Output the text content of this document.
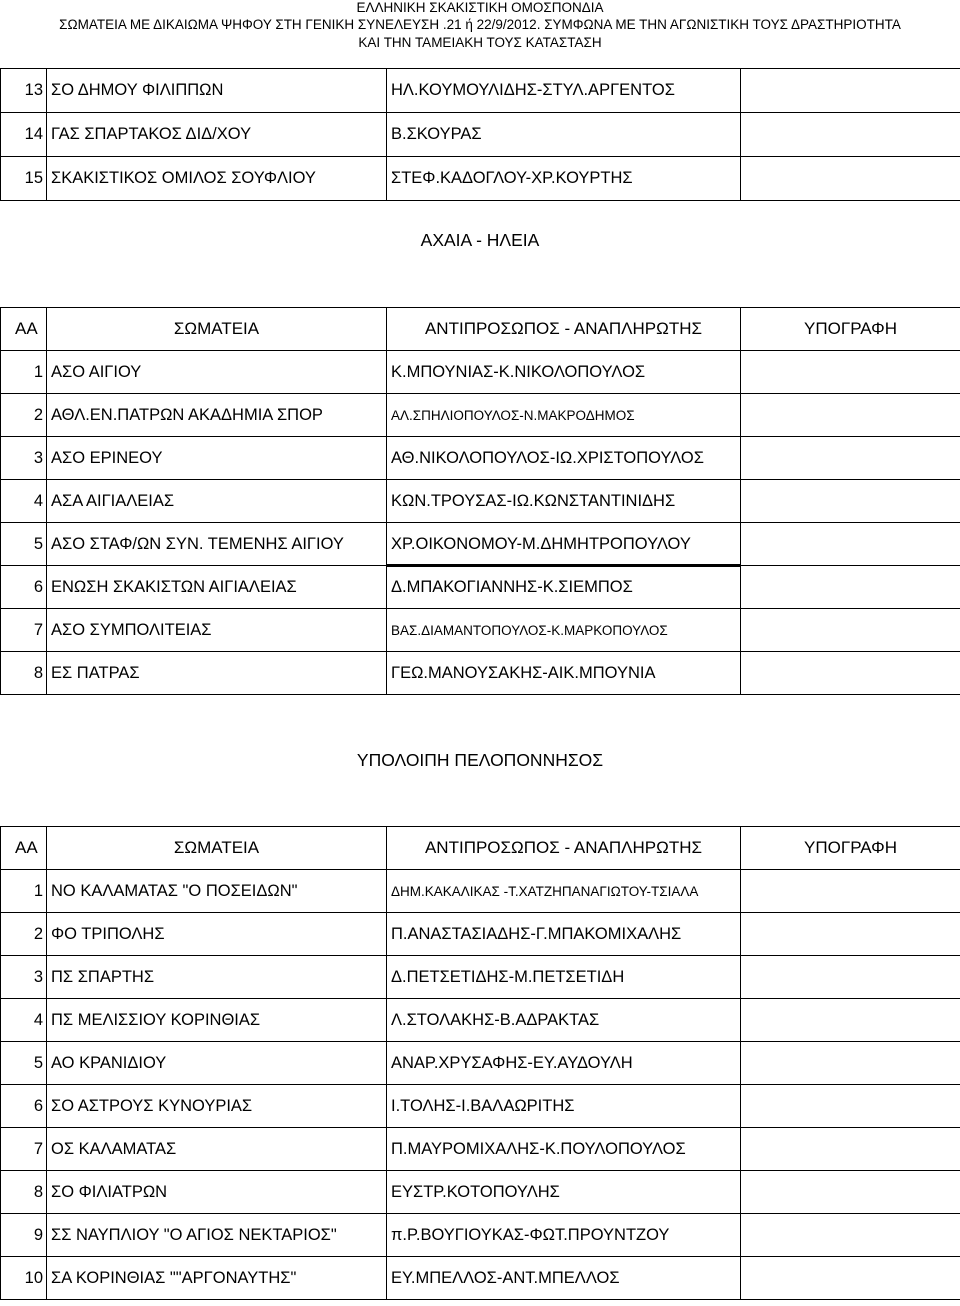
ΕΛΛΗΝΙΚΗ ΣΚΑΚΙΣΤΙΚΗ ΟΜΟΣΠΟΝΔΙΑ
ΣΩΜΑΤΕΙΑ ΜΕ ΔΙΚΑΙΩΜΑ ΨΗΦΟΥ ΣΤΗ ΓΕΝΙΚΗ ΣΥΝΕΛΕΥΣΗ .21 ή 22/9/2012. ΣΥΜΦΩΝΑ ΜΕ ΤΗΝ ΑΓΩΝΙΣΤΙΚΗ ΤΟΥΣ ΔΡΑΣΤΗΡΙΟΤΗΤΑ
ΚΑΙ ΤΗΝ ΤΑΜΕΙΑΚΗ ΤΟΥΣ ΚΑΤΑΣΤΑΣΗ
13	ΣΟ ΔΗΜΟΥ ΦΙΛΙΠΠΩΝ	ΗΛ.ΚΟΥΜΟΥΛΙΔΗΣ-ΣΤΥΛ.ΑΡΓΕΝΤΟΣ	
14	ΓΑΣ ΣΠΑΡΤΑΚΟΣ ΔΙΔ/ΧΟΥ	Β.ΣΚΟΥΡΑΣ	
15	ΣΚΑΚΙΣΤΙΚΟΣ ΟΜΙΛΟΣ ΣΟΥΦΛΙΟΥ	ΣΤΕΦ.ΚΑΔΟΓΛΟΥ-ΧΡ.ΚΟΥΡΤΗΣ	
ΑΧΑΙΑ - ΗΛΕΙΑ
ΑΑ	ΣΩΜΑΤΕΙΑ	ΑΝΤΙΠΡΟΣΩΠΟΣ - ΑΝΑΠΛΗΡΩΤΗΣ	ΥΠΟΓΡΑΦΗ
1	ΑΣΟ ΑΙΓΙΟΥ	Κ.ΜΠΟΥΝΙΑΣ-Κ.ΝΙΚΟΛΟΠΟΥΛΟΣ	
2	ΑΘΛ.ΕΝ.ΠΑΤΡΩΝ ΑΚΑΔΗΜΙΑ ΣΠΟΡ	ΑΛ.ΣΠΗΛΙΟΠΟΥΛΟΣ-Ν.ΜΑΚΡΟΔΗΜΟΣ	
3	ΑΣΟ ΕΡΙΝΕΟΥ	ΑΘ.ΝΙΚΟΛΟΠΟΥΛΟΣ-ΙΩ.ΧΡΙΣΤΟΠΟΥΛΟΣ	
4	ΑΣΑ ΑΙΓΙΑΛΕΙΑΣ	ΚΩΝ.ΤΡΟΥΣΑΣ-ΙΩ.ΚΩΝΣΤΑΝΤΙΝΙΔΗΣ	
5	ΑΣΟ ΣΤΑΦ/ΩΝ ΣΥΝ. ΤΕΜΕΝΗΣ ΑΙΓΙΟΥ	ΧΡ.ΟΙΚΟΝΟΜΟΥ-Μ.ΔΗΜΗΤΡΟΠΟΥΛΟΥ	
6	ΕΝΩΣΗ ΣΚΑΚΙΣΤΩΝ ΑΙΓΙΑΛΕΙΑΣ	Δ.ΜΠΑΚΟΓΙΑΝΝΗΣ-Κ.ΣΙΕΜΠΟΣ	
7	ΑΣΟ ΣΥΜΠΟΛΙΤΕΙΑΣ	ΒΑΣ.ΔΙΑΜΑΝΤΟΠΟΥΛΟΣ-Κ.ΜΑΡΚΟΠΟΥΛΟΣ	
8	ΕΣ ΠΑΤΡΑΣ	ΓΕΩ.ΜΑΝΟΥΣΑΚΗΣ-ΑΙΚ.ΜΠΟΥΝΙΑ	
ΥΠΟΛΟΙΠΗ ΠΕΛΟΠΟΝΝΗΣΟΣ
ΑΑ	ΣΩΜΑΤΕΙΑ	ΑΝΤΙΠΡΟΣΩΠΟΣ - ΑΝΑΠΛΗΡΩΤΗΣ	ΥΠΟΓΡΑΦΗ
1	ΝΟ ΚΑΛΑΜΑΤΑΣ "Ο ΠΟΣΕΙΔΩΝ"	ΔΗΜ.ΚΑΚΑΛΙΚΑΣ -Τ.ΧΑΤΖΗΠΑΝΑΓΙΩΤΟΥ-ΤΣΙΑΛΑ	
2	ΦΟ ΤΡΙΠΟΛΗΣ	Π.ΑΝΑΣΤΑΣΙΑΔΗΣ-Γ.ΜΠΑΚΟΜΙΧΑΛΗΣ	
3	ΠΣ ΣΠΑΡΤΗΣ	Δ.ΠΕΤΣΕΤΙΔΗΣ-Μ.ΠΕΤΣΕΤΙΔΗ	
4	ΠΣ ΜΕΛΙΣΣΙΟΥ ΚΟΡΙΝΘΙΑΣ	Λ.ΣΤΟΛΑΚΗΣ-Β.ΑΔΡΑΚΤΑΣ	
5	ΑΟ ΚΡΑΝΙΔΙΟΥ	ΑΝΑΡ.ΧΡΥΣΑΦΗΣ-ΕΥ.ΑΥΔΟΥΛΗ	
6	ΣΟ ΑΣΤΡΟΥΣ ΚΥΝΟΥΡΙΑΣ	Ι.ΤΟΛΗΣ-Ι.ΒΑΛΑΩΡΙΤΗΣ	
7	ΟΣ ΚΑΛΑΜΑΤΑΣ	Π.ΜΑΥΡΟΜΙΧΑΛΗΣ-Κ.ΠΟΥΛΟΠΟΥΛΟΣ	
8	ΣΟ ΦΙΛΙΑΤΡΩΝ	ΕΥΣΤΡ.ΚΟΤΟΠΟΥΛΗΣ	
9	ΣΣ ΝΑΥΠΛΙΟΥ "Ο ΑΓΙΟΣ ΝΕΚΤΑΡΙΟΣ"	π.Ρ.ΒΟΥΓΙΟΥΚΑΣ-ΦΩΤ.ΠΡΟΥΝΤΖΟΥ	
10	ΣΑ ΚΟΡΙΝΘΙΑΣ ""ΑΡΓΟΝΑΥΤΗΣ"	ΕΥ.ΜΠΕΛΛΟΣ-ΑΝΤ.ΜΠΕΛΛΟΣ	
